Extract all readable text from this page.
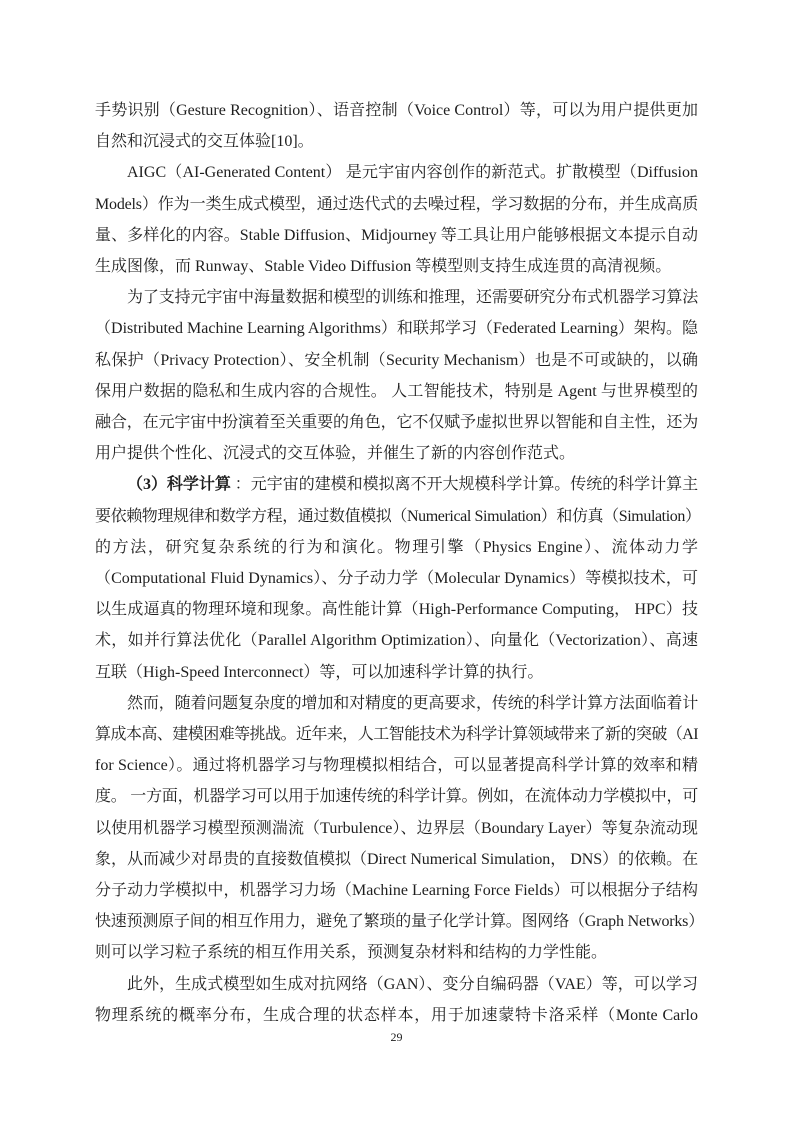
手势识别（Gesture Recognition）、语音控制（Voice Control）等，可以为用户提供更加
自然和沉浸式的交互体验[10]。
AIGC（AI-Generated Content） 是元宇宙内容创作的新范式。扩散模型（Diffusion
Models）作为一类生成式模型，通过迭代式的去噪过程，学习数据的分布，并生成高质
量、多样化的内容。Stable Diffusion、Midjourney 等工具让用户能够根据文本提示自动
生成图像，而 Runway、Stable Video Diffusion 等模型则支持生成连贯的高清视频。
为了支持元宇宙中海量数据和模型的训练和推理，还需要研究分布式机器学习算法
（Distributed Machine Learning Algorithms）和联邦学习（Federated Learning）架构。隐
私保护（Privacy Protection）、安全机制（Security Mechanism）也是不可或缺的，以确
保用户数据的隐私和生成内容的合规性。 人工智能技术，特别是 Agent 与世界模型的
融合，在元宇宙中扮演着至关重要的角色，它不仅赋予虚拟世界以智能和自主性，还为
用户提供个性化、沉浸式的交互体验，并催生了新的内容创作范式。
（3）科学计算 ：元宇宙的建模和模拟离不开大规模科学计算。传统的科学计算主
要依赖物理规律和数学方程，通过数值模拟（Numerical Simulation）和仿真（Simulation）
的方法，研究复杂系统的行为和演化。物理引擎（Physics Engine）、流体动力学
（Computational Fluid Dynamics）、分子动力学（Molecular Dynamics）等模拟技术，可
以生成逼真的物理环境和现象。高性能计算（High-Performance Computing， HPC）技
术，如并行算法优化（Parallel Algorithm Optimization）、向量化（Vectorization）、高速
互联（High-Speed Interconnect）等，可以加速科学计算的执行。
然而，随着问题复杂度的增加和对精度的更高要求，传统的科学计算方法面临着计
算成本高、建模困难等挑战。近年来，人工智能技术为科学计算领域带来了新的突破（AI
for Science）。通过将机器学习与物理模拟相结合，可以显著提高科学计算的效率和精
度。 一方面，机器学习可以用于加速传统的科学计算。例如，在流体动力学模拟中，可
以使用机器学习模型预测湍流（Turbulence）、边界层（Boundary Layer）等复杂流动现
象，从而减少对昂贵的直接数值模拟（Direct Numerical Simulation， DNS）的依赖。在
分子动力学模拟中，机器学习力场（Machine Learning Force Fields）可以根据分子结构
快速预测原子间的相互作用力，避免了繁琐的量子化学计算。图网络（Graph Networks）
则可以学习粒子系统的相互作用关系，预测复杂材料和结构的力学性能。
此外，生成式模型如生成对抗网络（GAN）、变分自编码器（VAE）等，可以学习
物理系统的概率分布，生成合理的状态样本，用于加速蒙特卡洛采样（Monte Carlo
29
